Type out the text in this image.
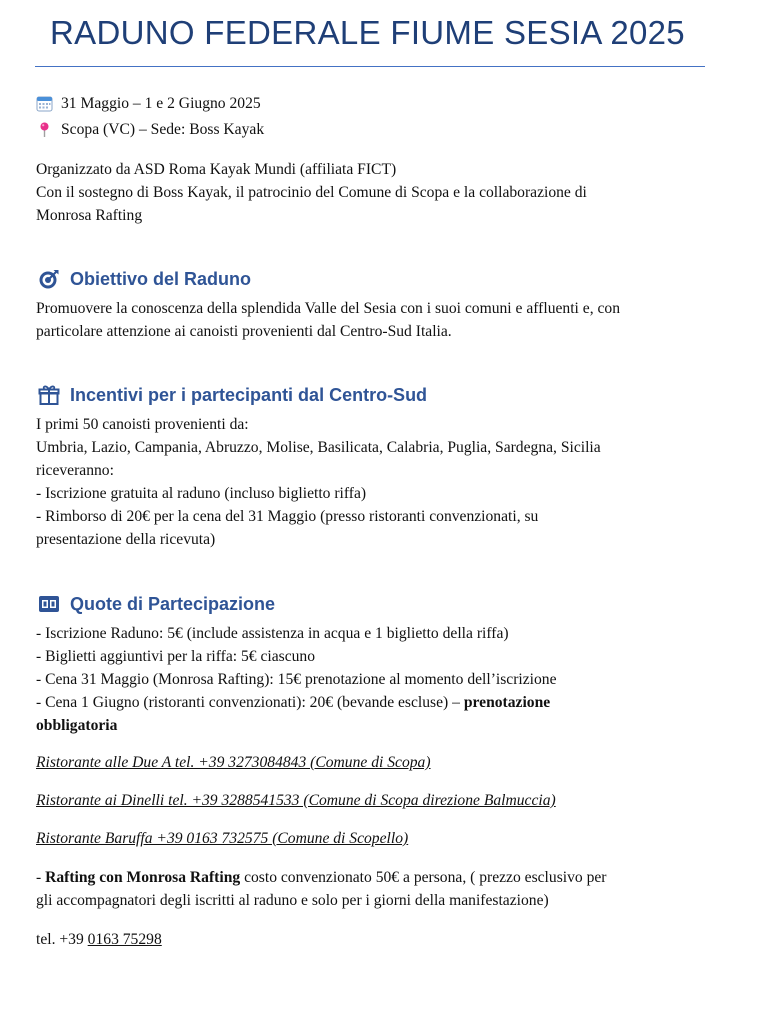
RADUNO FEDERALE FIUME SESIA 2025
31 Maggio – 1 e 2 Giugno 2025
Scopa (VC) – Sede: Boss Kayak
Organizzato da ASD Roma Kayak Mundi (affiliata FICT)
Con il sostegno di Boss Kayak, il patrocinio del Comune di Scopa e la collaborazione di
Monrosa Rafting
Obiettivo del Raduno
Promuovere la conoscenza della splendida Valle del Sesia con i suoi comuni e affluenti e, con
particolare attenzione ai canoisti provenienti dal Centro-Sud Italia.
Incentivi per i partecipanti dal Centro-Sud
I primi 50 canoisti provenienti da:
Umbria, Lazio, Campania, Abruzzo, Molise, Basilicata, Calabria, Puglia, Sardegna, Sicilia
riceveranno:
- Iscrizione gratuita al raduno (incluso biglietto riffa)
- Rimborso di 20€ per la cena del 31 Maggio (presso ristoranti convenzionati, su
presentazione della ricevuta)
Quote di Partecipazione
- Iscrizione Raduno: 5€ (include assistenza in acqua e 1 biglietto della riffa)
- Biglietti aggiuntivi per la riffa: 5€ ciascuno
- Cena 31 Maggio (Monrosa Rafting): 15€ prenotazione al momento dell’iscrizione
- Cena 1 Giugno (ristoranti convenzionati): 20€ (bevande escluse) – prenotazione
obbligatoria
Ristorante alle Due A tel. +39 3273084843 (Comune di Scopa)
Ristorante ai Dinelli tel. +39 3288541533 (Comune di Scopa direzione Balmuccia)
Ristorante Baruffa +39 0163 732575 (Comune di Scopello)
- Rafting con Monrosa Rafting costo convenzionato 50€ a persona, ( prezzo esclusivo per
gli accompagnatori degli iscritti al raduno e solo per i giorni della manifestazione)
tel. +39 0163 75298
